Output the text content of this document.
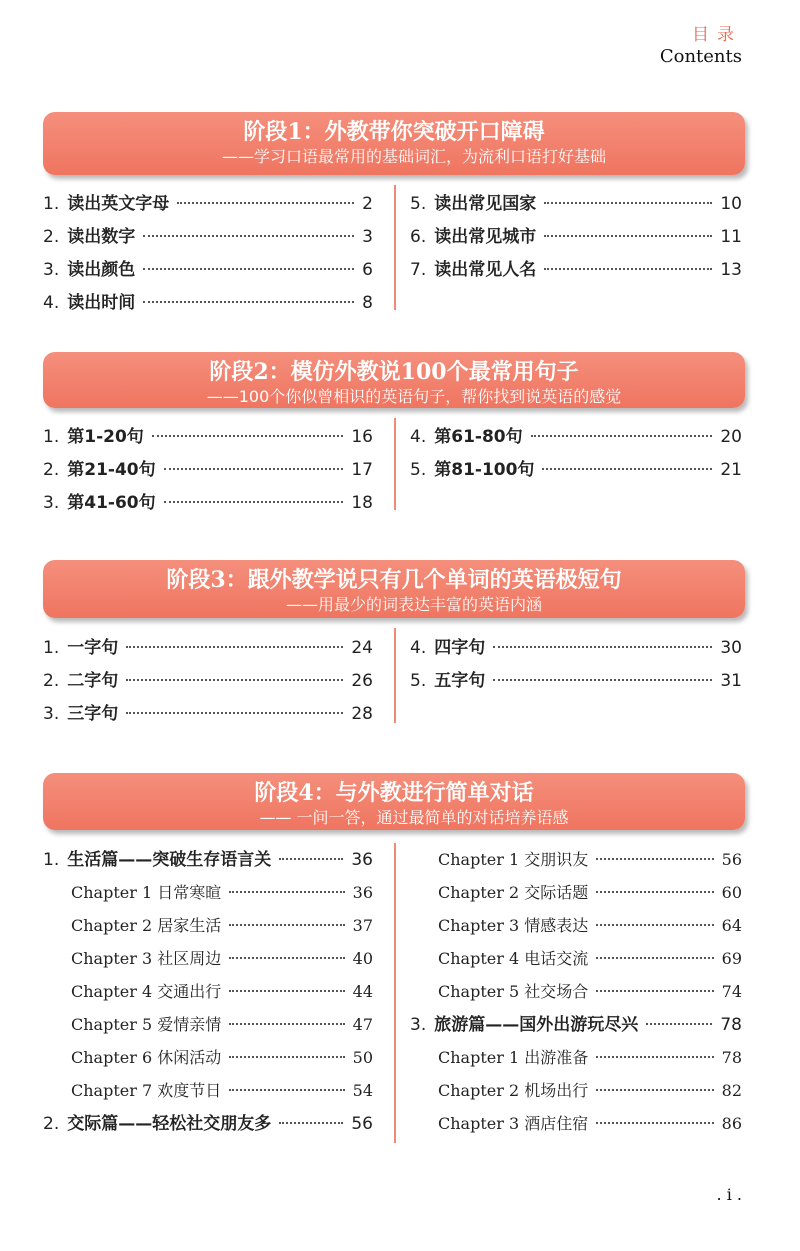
目录
Contents
阶段1：外教带你突破开口障碍
——学习口语最常用的基础词汇，为流利口语打好基础
1. 读出英文字母	2
2. 读出数字	3
3. 读出颜色	6
4. 读出时间	8
5. 读出常见国家	10
6. 读出常见城市	11
7. 读出常见人名	13
阶段2：模仿外教说100个最常用句子
——100个你似曾相识的英语句子，帮你找到说英语的感觉
1. 第1-20句	16
2. 第21-40句	17
3. 第41-60句	18
4. 第61-80句	20
5. 第81-100句	21
阶段3：跟外教学说只有几个单词的英语极短句
——用最少的词表达丰富的英语内涵
1. 一字句	24
2. 二字句	26
3. 三字句	28
4. 四字句	30
5. 五字句	31
阶段4：与外教进行简单对话
—— 一问一答，通过最简单的对话培养语感
1. 生活篇——突破生存语言关	36
Chapter 1 日常寒暄	36
Chapter 2 居家生活	37
Chapter 3 社区周边	40
Chapter 4 交通出行	44
Chapter 5 爱情亲情	47
Chapter 6 休闲活动	50
Chapter 7 欢度节日	54
2. 交际篇——轻松社交朋友多	56
Chapter 1 交朋识友	56
Chapter 2 交际话题	60
Chapter 3 情感表达	64
Chapter 4 电话交流	69
Chapter 5 社交场合	74
3. 旅游篇——国外出游玩尽兴	78
Chapter 1 出游准备	78
Chapter 2 机场出行	82
Chapter 3 酒店住宿	86
. i .
